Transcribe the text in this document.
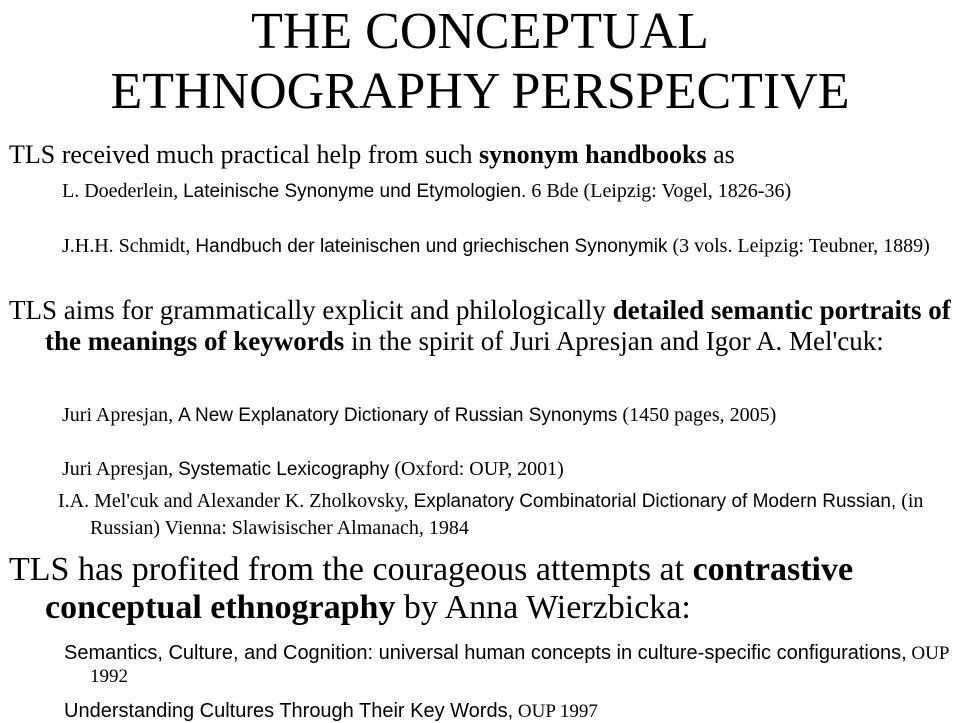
THE CONCEPTUAL
ETHNOGRAPHY PERSPECTIVE

TLS received much practical help from such synonym handbooks as

L. Doederlein, Lateinische Synonyme und Etymologien. 6 Bde (Leipzig: Vogel, 1826-36)

J.H.H. Schmidt, Handbuch der lateinischen und griechischen Synonymik (3 vols. Leipzig: Teubner, 1889)

TLS aims for grammatically explicit and philologically detailed semantic portraits of the meanings of keywords in the spirit of Juri Apresjan and Igor A. Mel'cuk:

Juri Apresjan, A New Explanatory Dictionary of Russian Synonyms (1450 pages, 2005)

Juri Apresjan, Systematic Lexicography (Oxford: OUP, 2001)

I.A. Mel'cuk and Alexander K. Zholkovsky, Explanatory Combinatorial Dictionary of Modern Russian, (in Russian) Vienna: Slawisischer Almanach, 1984

TLS has profited from the courageous attempts at contrastive conceptual ethnography by Anna Wierzbicka:

Semantics, Culture, and Cognition: universal human concepts in culture-specific configurations, OUP 1992

Understanding Cultures Through Their Key Words, OUP 1997
